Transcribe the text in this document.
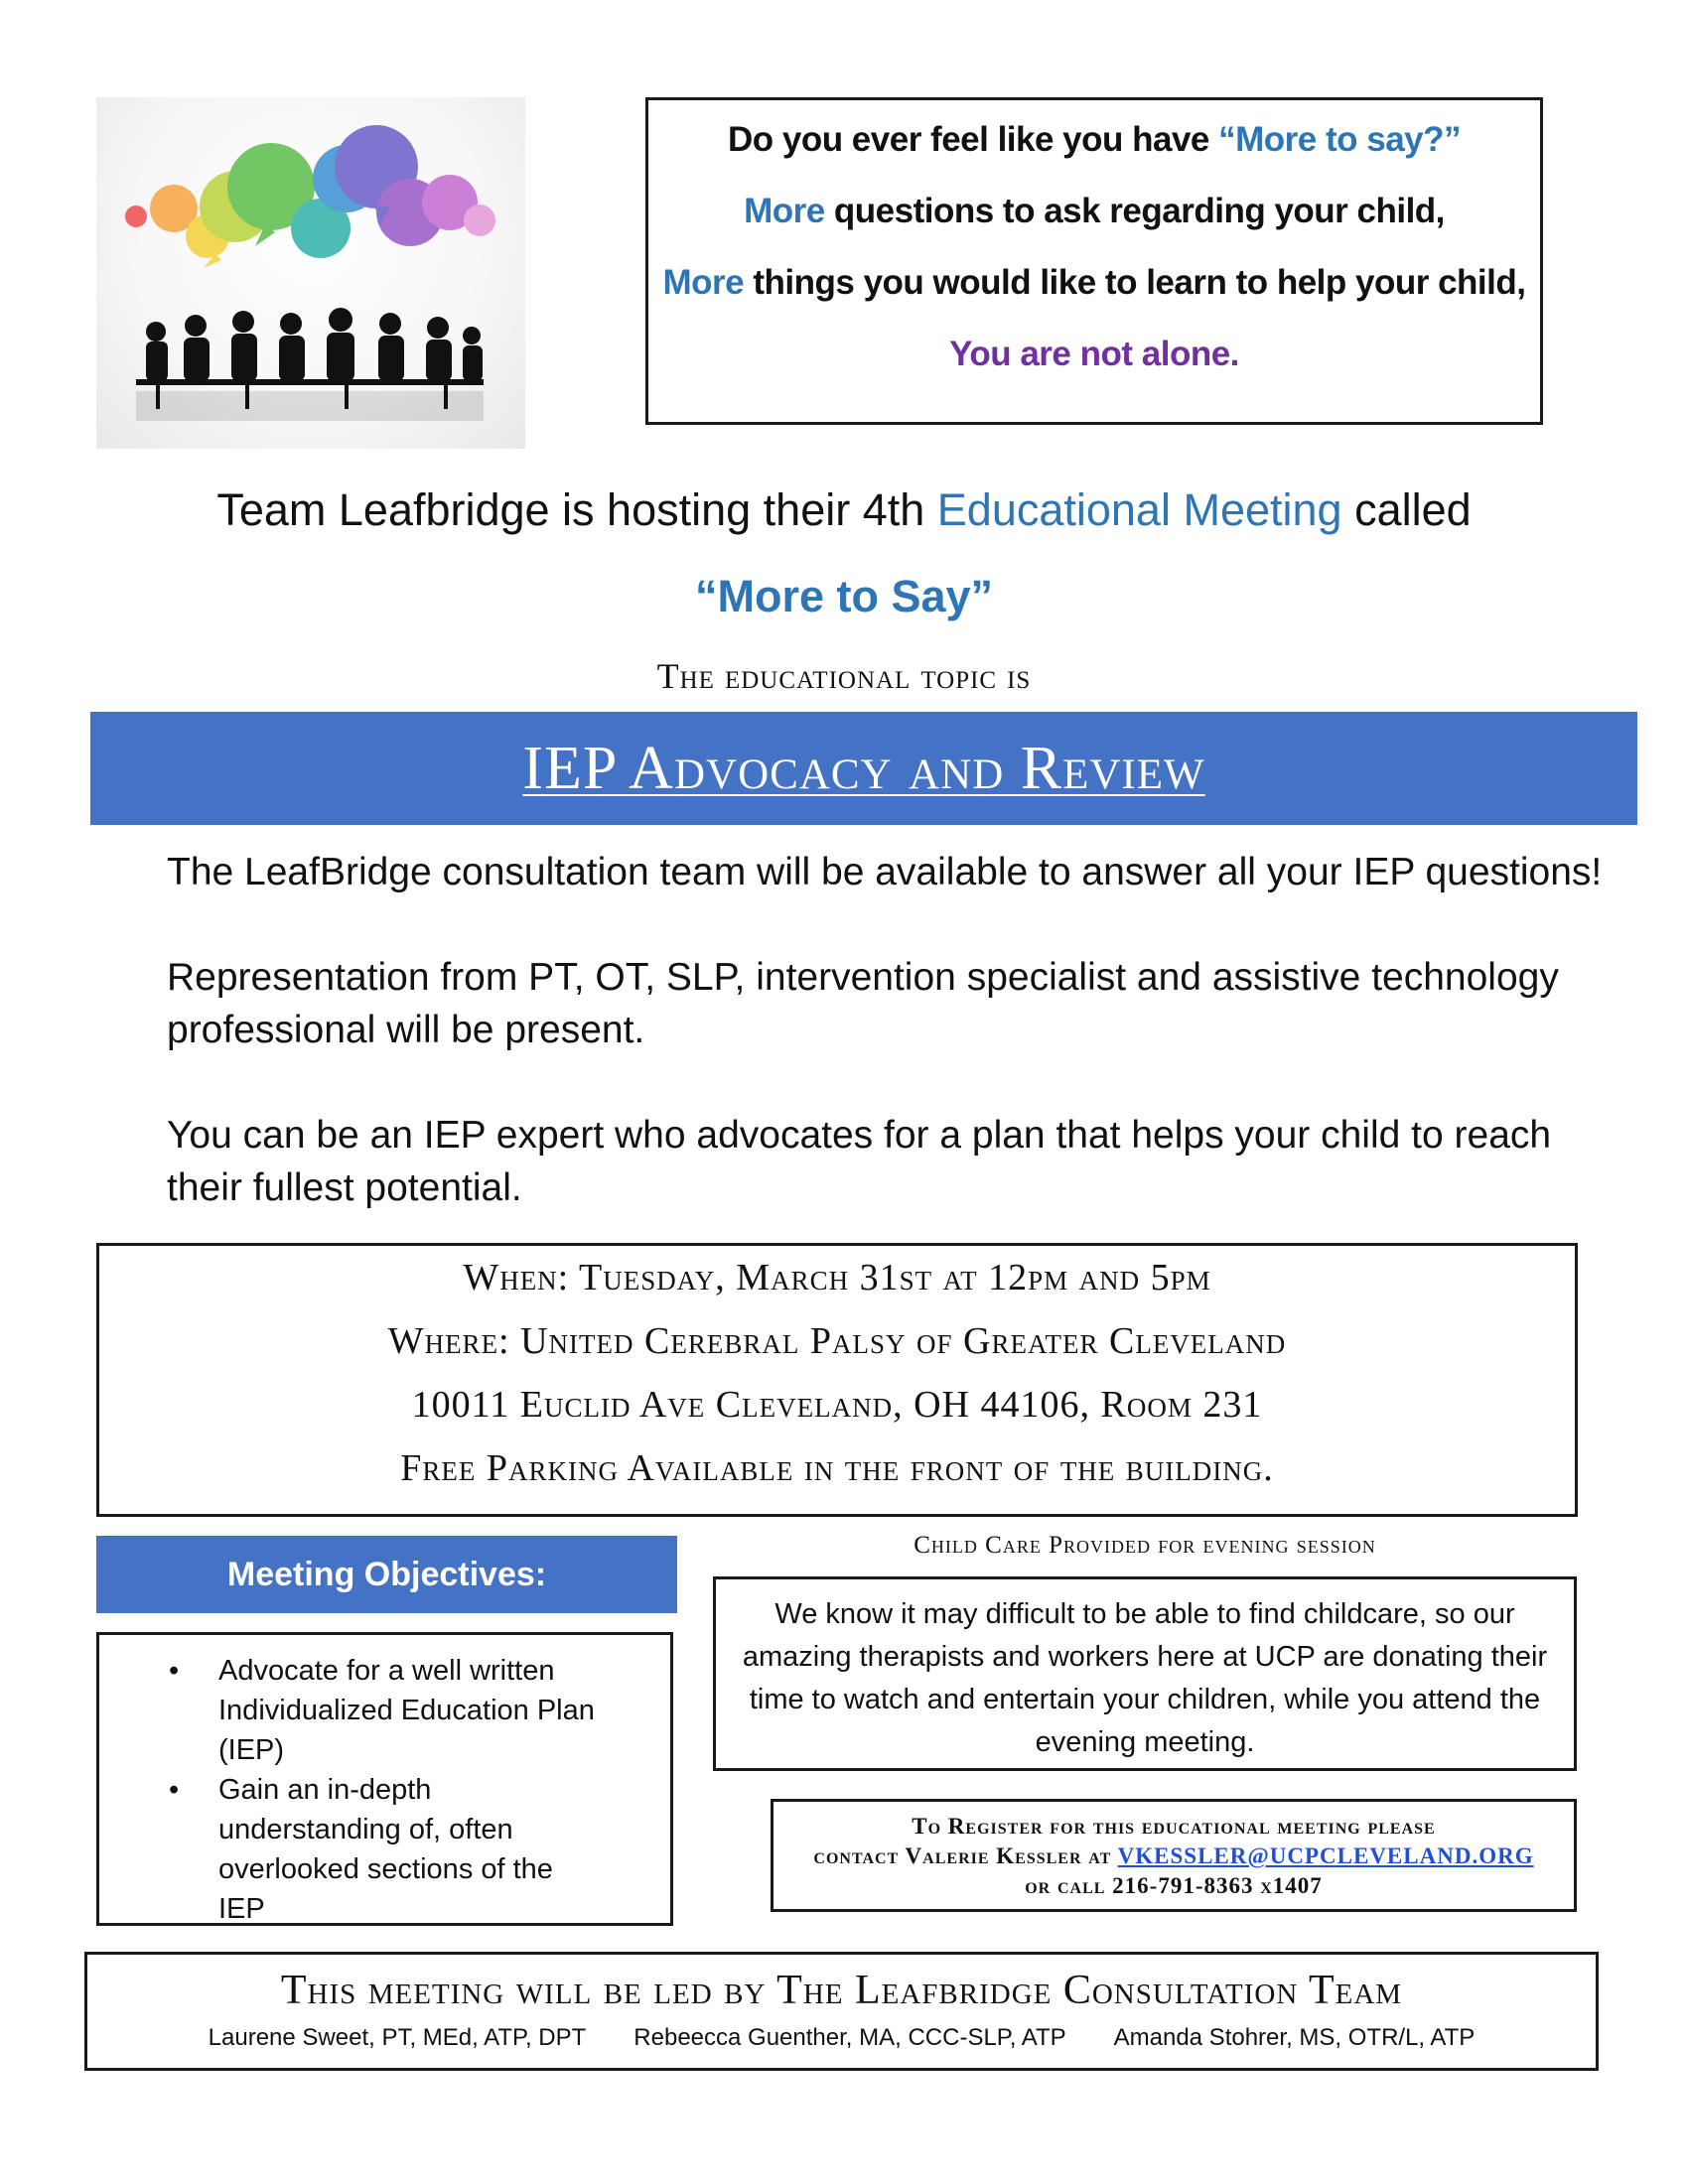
Do you ever feel like you have “More to say?”
More questions to ask regarding your child,
More things you would like to learn to help your child,
You are not alone.
Team Leafbridge is hosting their 4th Educational Meeting called
“More to Say”
The educational topic is
IEP Advocacy and Review
The LeafBridge consultation team will be available to answer all your IEP questions!
Representation from PT, OT, SLP, intervention specialist and assistive technology professional will be present.
You can be an IEP expert who advocates for a plan that helps your child to reach their fullest potential.
When: Tuesday, March 31st at 12pm and 5pm
Where: United Cerebral Palsy of Greater Cleveland
10011 Euclid Ave Cleveland, OH 44106, Room 231
Free Parking Available in the front of the building.
Meeting Objectives:
• Advocate for a well written Individualized Education Plan (IEP)
• Gain an in-depth understanding of, often overlooked sections of the IEP
Child Care Provided for evening session
We know it may difficult to be able to find childcare, so our amazing therapists and workers here at UCP are donating their time to watch and entertain your children, while you attend the evening meeting.
To Register for this educational meeting please
contact Valerie Kessler at VKESSLER@UCPCLEVELAND.ORG
or call 216-791-8363 x1407
This meeting will be led by The Leafbridge Consultation Team
Laurene Sweet, PT, MEd, ATP, DPT Rebeecca Guenther, MA, CCC-SLP, ATP Amanda Stohrer, MS, OTR/L, ATP
